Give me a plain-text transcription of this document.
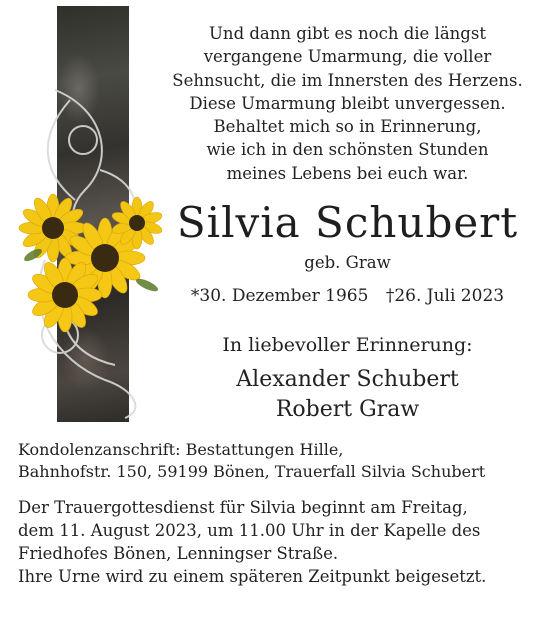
Und dann gibt es noch die längst
vergangene Umarmung, die voller
Sehnsucht, die im Innersten des Herzens.
Diese Umarmung bleibt unvergessen.
Behaltet mich so in Erinnerung,
wie ich in den schönsten Stunden
meines Lebens bei euch war.
Silvia Schubert
geb. Graw
*30. Dezember 1965 †26. Juli 2023
In liebevoller Erinnerung:
Alexander Schubert
Robert Graw
Kondolenzanschrift: Bestattungen Hille,
Bahnhofstr. 150, 59199 Bönen, Trauerfall Silvia Schubert
Der Trauergottesdienst für Silvia beginnt am Freitag,
dem 11. August 2023, um 11.00 Uhr in der Kapelle des
Friedhofes Bönen, Lenningser Straße.
Ihre Urne wird zu einem späteren Zeitpunkt beigesetzt.
